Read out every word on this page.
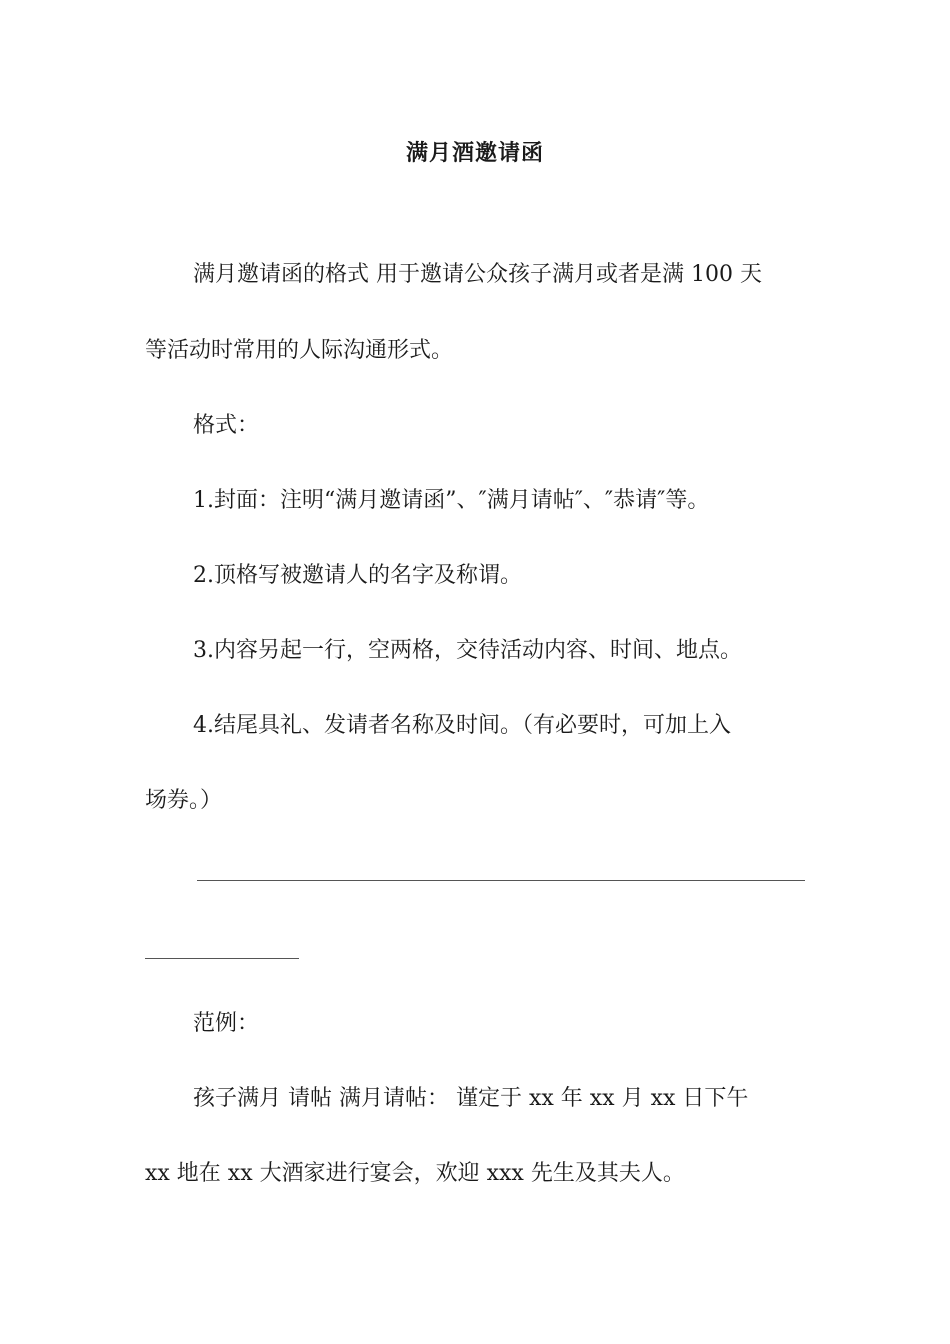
满月酒邀请函
满月邀请函的格式 用于邀请公众孩子满月或者是满 100 天
等活动时常用的人际沟通形式。
格式：
1.封面：注明“满月邀请函”、″满月请帖″、″恭请″等。
2.顶格写被邀请人的名字及称谓。
3.内容另起一行，空两格，交待活动内容、时间、地点。
4.结尾具礼、发请者名称及时间。（有必要时，可加上入
场券。）
范例：
孩子满月 请帖 满月请帖： 谨定于 xx 年 xx 月 xx 日下午
xx 地在 xx 大酒家进行宴会，欢迎 xxx 先生及其夫人。
